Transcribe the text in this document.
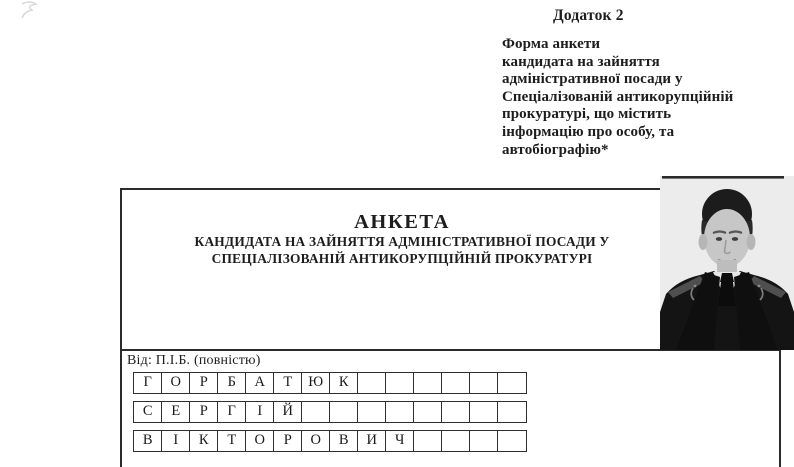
Додаток 2
Форма анкети
кандидата на зайняття
адміністративної посади у
Спеціалізованій антикорупційній
прокуратурі, що містить
інформацію про особу, та
автобіографію*
АНКЕТА
КАНДИДАТА НА ЗАЙНЯТТЯ АДМІНІСТРАТИВНОЇ ПОСАДИ У
СПЕЦІАЛІЗОВАНІЙ АНТИКОРУПЦІЙНІЙ ПРОКУРАТУРІ
Від: П.І.Б. (повністю)
Г	О	Р	Б	А	Т	Ю	К
С	Е	Р	Г	І	Й
В	І	К	Т	О	Р	О	В	И	Ч
